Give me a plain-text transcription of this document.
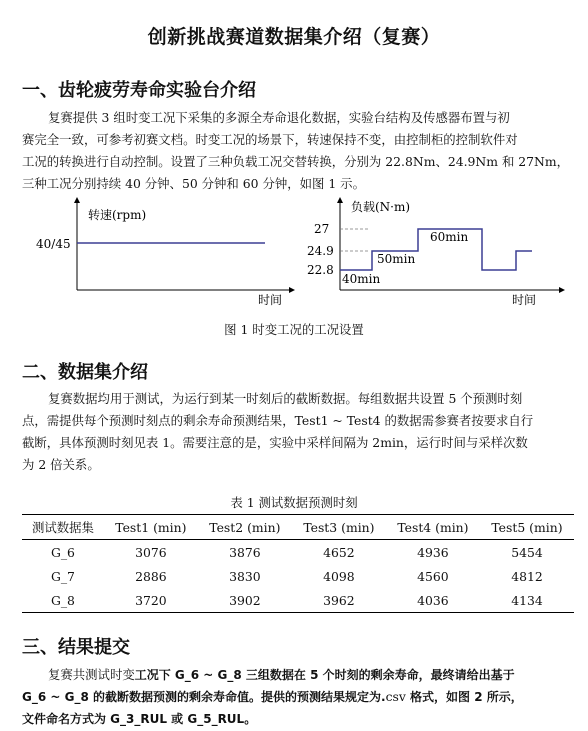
创新挑战赛道数据集介绍（复赛）
一、齿轮疲劳寿命实验台介绍
复赛提供 3 组时变工况下采集的多源全寿命退化数据，实验台结构及传感器布置与初
赛完全一致，可参考初赛文档。时变工况的场景下，转速保持不变，由控制柜的控制软件对
工况的转换进行自动控制。设置了三种负载工况交替转换，分别为 22.8Nm、24.9Nm 和 27Nm，
三种工况分别持续 40 分钟、50 分钟和 60 分钟，如图 1 示。
转速(rpm)
40/45
时间
负载(N·m)
27
24.9
22.8
40min
50min
60min
时间
图 1 时变工况的工况设置
二、数据集介绍
复赛数据均用于测试，为运行到某一时刻后的截断数据。每组数据共设置 5 个预测时刻
点，需提供每个预测时刻点的剩余寿命预测结果，Test1 ~ Test4 的数据需参赛者按要求自行
截断，具体预测时刻见表 1。需要注意的是，实验中采样间隔为 2min，运行时间与采样次数
为 2 倍关系。
表 1 测试数据预测时刻
测试数据集	Test1 (min)	Test2 (min)	Test3 (min)	Test4 (min)	Test5 (min)
G_6	3076	3876	4652	4936	5454
G_7	2886	3830	4098	4560	4812
G_8	3720	3902	3962	4036	4134
三、结果提交
复赛共测试时变工况下 G_6 ~ G_8 三组数据在 5 个时刻的剩余寿命，最终请给出基于
G_6 ~ G_8 的截断数据预测的剩余寿命值。提供的预测结果规定为.csv 格式，如图 2 所示，
文件命名方式为 G_3_RUL 或 G_5_RUL。
